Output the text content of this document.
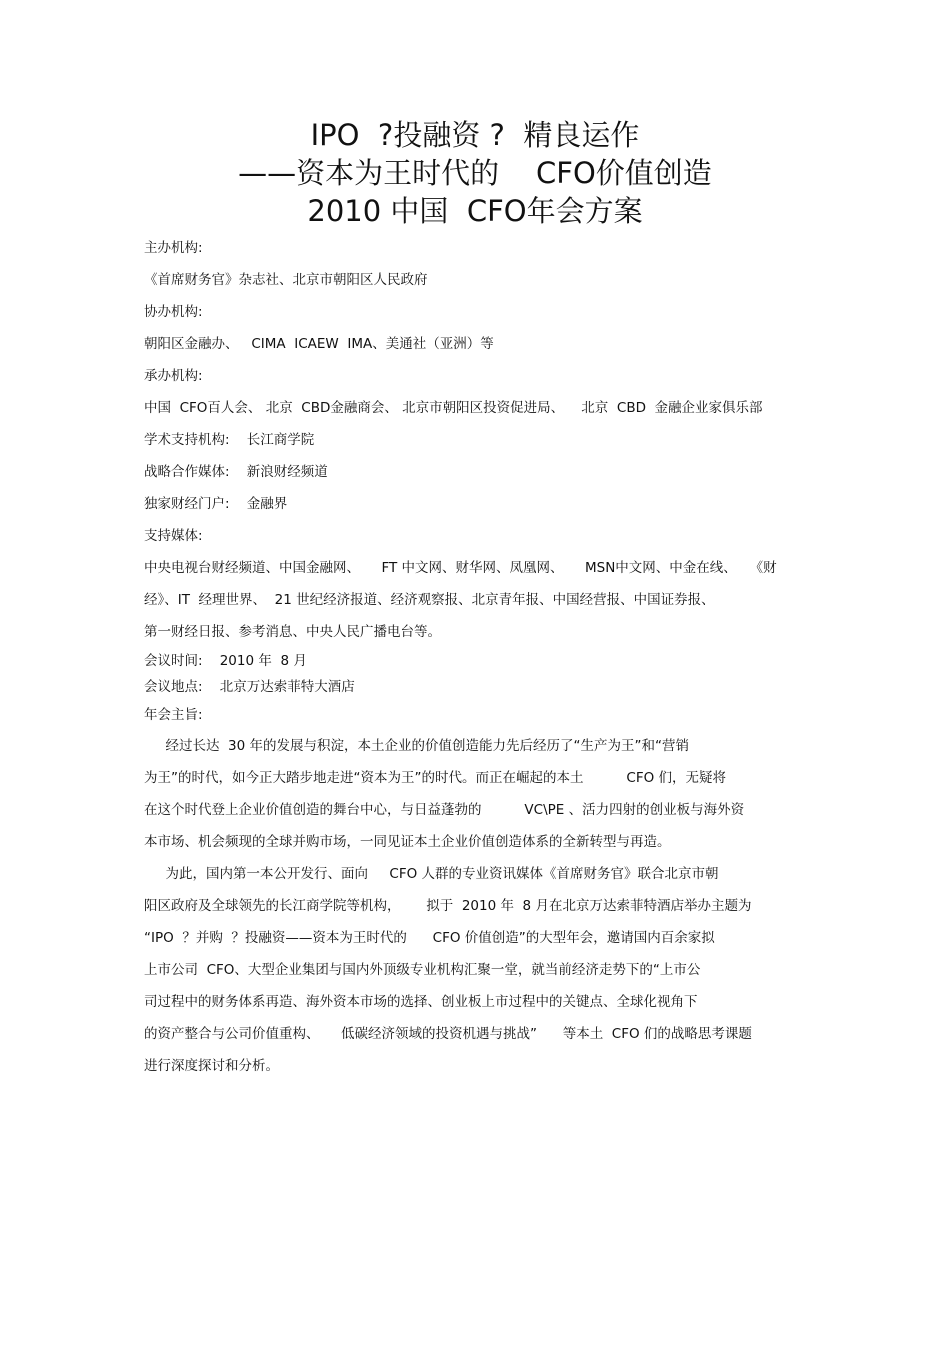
IPO  ?投融资 ?  精良运作
——资本为王时代的    CFO价值创造
2010 中国  CFO年会方案
主办机构:
《首席财务官》杂志社、北京市朝阳区人民政府
协办机构:
朝阳区金融办、   CIMA  ICAEW  IMA、美通社（亚洲）等
承办机构:
中国  CFO百人会、 北京  CBD金融商会、 北京市朝阳区投资促进局、    北京  CBD  金融企业家俱乐部
学术支持机构:    长江商学院
战略合作媒体:    新浪财经频道
独家财经门户:    金融界
支持媒体:
中央电视台财经频道、中国金融网、     FT 中文网、财华网、凤凰网、     MSN中文网、中金在线、   《财
经》、IT  经理世界、  21 世纪经济报道、经济观察报、北京青年报、中国经营报、中国证券报、
第一财经日报、参考消息、中央人民广播电台等。
会议时间:    2010 年  8 月
会议地点:    北京万达索菲特大酒店
年会主旨:
经过长达  30 年的发展与积淀，本土企业的价值创造能力先后经历了“生产为王”和“营销
为王”的时代，如今正大踏步地走进“资本为王”的时代。而正在崛起的本土          CFO 们，无疑将
在这个时代登上企业价值创造的舞台中心，与日益蓬勃的          VC\PE 、活力四射的创业板与海外资
本市场、机会频现的全球并购市场，一同见证本土企业价值创造体系的全新转型与再造。
为此，国内第一本公开发行、面向     CFO 人群的专业资讯媒体《首席财务官》联合北京市朝
阳区政府及全球领先的长江商学院等机构，      拟于  2010 年  8 月在北京万达索菲特酒店举办主题为
“IPO  ？并购  ？投融资——资本为王时代的      CFO 价值创造”的大型年会，邀请国内百余家拟
上市公司  CFO、大型企业集团与国内外顶级专业机构汇聚一堂，就当前经济走势下的“上市公
司过程中的财务体系再造、海外资本市场的选择、创业板上市过程中的关键点、全球化视角下
的资产整合与公司价值重构、     低碳经济领域的投资机遇与挑战”      等本土  CFO 们的战略思考课题
进行深度探讨和分析。
